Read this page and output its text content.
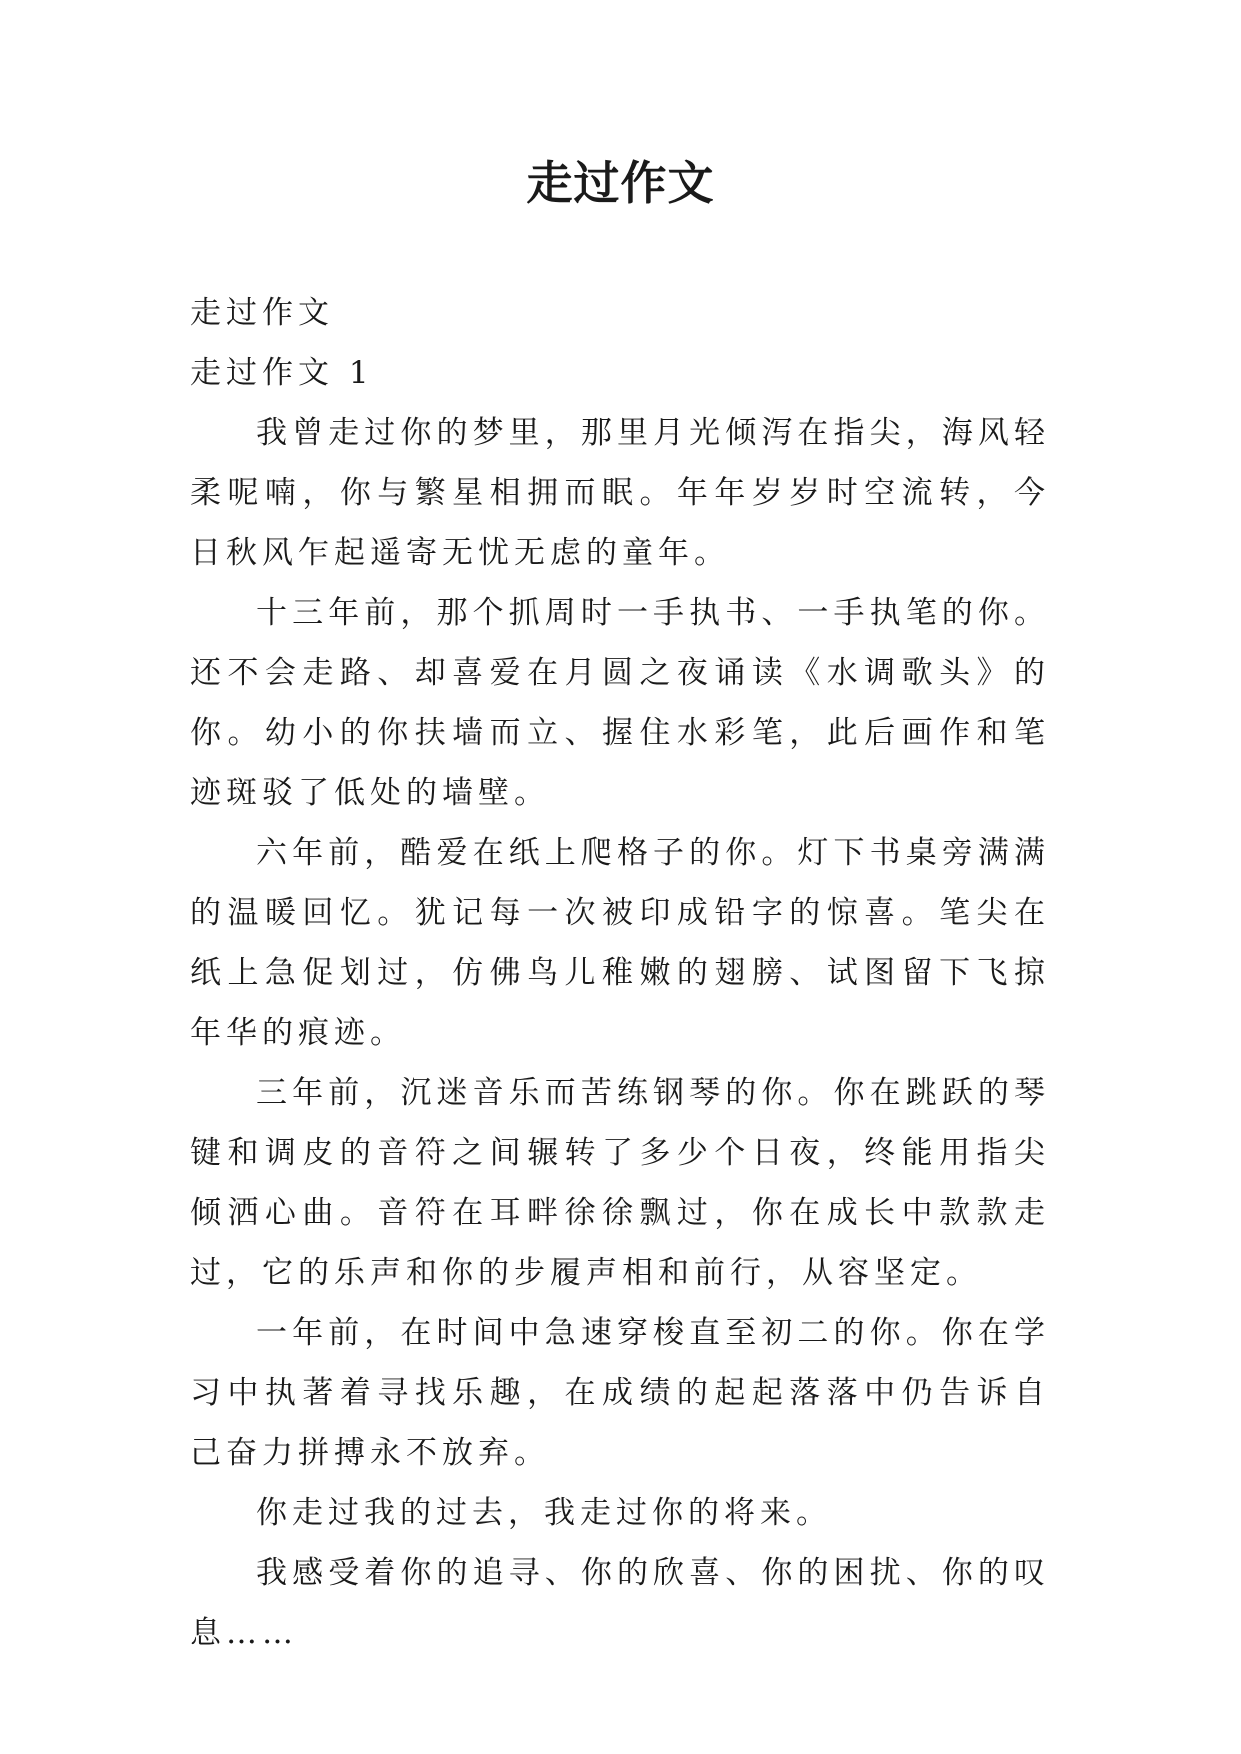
走过作文

走过作文

走过作文 1

我曾走过你的梦里，那里月光倾泻在指尖，海风轻柔呢喃，你与繁星相拥而眠。年年岁岁时空流转，今日秋风乍起遥寄无忧无虑的童年。

十三年前，那个抓周时一手执书、一手执笔的你。还不会走路、却喜爱在月圆之夜诵读《水调歌头》的你。幼小的你扶墙而立、握住水彩笔，此后画作和笔迹斑驳了低处的墙壁。

六年前，酷爱在纸上爬格子的你。灯下书桌旁满满的温暖回忆。犹记每一次被印成铅字的惊喜。笔尖在纸上急促划过，仿佛鸟儿稚嫩的翅膀、试图留下飞掠年华的痕迹。

三年前，沉迷音乐而苦练钢琴的你。你在跳跃的琴键和调皮的音符之间辗转了多少个日夜，终能用指尖倾洒心曲。音符在耳畔徐徐飘过，你在成长中款款走过，它的乐声和你的步履声相和前行，从容坚定。

一年前，在时间中急速穿梭直至初二的你。你在学习中执著着寻找乐趣，在成绩的起起落落中仍告诉自己奋力拼搏永不放弃。

你走过我的过去，我走过你的将来。

我感受着你的追寻、你的欣喜、你的困扰、你的叹息……
